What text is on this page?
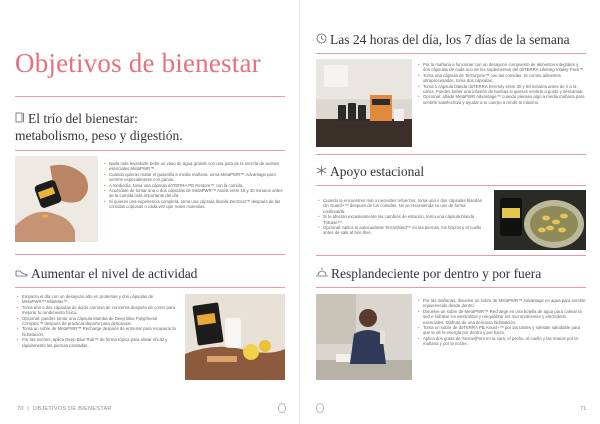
Objetivos de bienestar
El trío del bienestar:
metabolismo, peso y digestión.
• Nada más levantarte bebe un vaso de agua grande con una gota de la mezcla de aceites esenciales MetaPWR™.
• Cuando quieras matar el gusanillo a media mañana, toma MetaPWR™ Advantage para sentirte especialmente con ganas.
• A mediodía, toma una cápsula dōTERRA PB Restore™ con la comida.
• Acuérdate de tomar una o dos cápsulas de MetaPWR™ Assist entre 15 y 30 minutos antes de la comida más importante del día.
• Si quieres una experiencia completa, toma una cápsula lleanla ZenGest™ después de las comidas copiosas o cada vez que notes molestias.
Aumentar el nivel de actividad
• Empieza el día con un desayuno alto en proteínas y dos cápsulas de MetaPWR™ MitoMax™.
• Toma una o dos cápsulas de ácido carnosa de cuncerna después de correr para mejorar tu rendimiento físico.
• Opcional: puedes tomar una cápsula Mamba de Deep Blue Polyphenol Complex™ después de practicar deporte para descansar.
• Toma un sobre de MetaPWR™ Recharge después de entrenar para recuperar la hidratación.
• Por las noches, aplica Deep Blue Rub™ de forma tópica para aliviar eficaz y rápidamente las piernas cansadas.
70 | OBJETIVOS DE BIENESTAR
Las 24 horas del día, los 7 días de la semana
• Por la mañana a funcionar con un desayuno compuesto de alimentos integrales y dos cápsulas de cada uno de los suplementos del dōTERRA Lifelong Vitality Pack™.
• Toma una cápsula de Terrazyme™ con las comidas. Si comes alimentos ultraprocesados, toma dos cápsulas.
• Toma 1 cápsula blanda dōTERRA Serenity entre 30 y 60 minutos antes de ir a la cama. Puedes beber una infusión de hierbas si quieres sentirte a gusto y descansar.
• Opcional: añade MetaPWR Advantage™ cuando pienses algo a media mañana para sentirte satisfecho/a y ayudar a tu cuerpo a rendir al máximo.
Apoyo estacional
• Cuando te encuentres mal o necesites refuerzos, toma una o dos cápsulas blandas On Guard+™ después de tus comidas. No se recomienda su uso de forma continuada.
• Si te afectan excesivamente los cambios de estación, toma una cápsula blanda TriEase™.
• Opcional: aplica el autocuidante TerraShield™ en las piernas, los brazos y el cuello antes de salir al aire libre.
Resplandeciente por dentro y por fuera
• Por las mañanas, disuelve un sobre de MetaPWR™ Advantage en agua para sentirte rejuvenecido desde dentro.
• Disuelve un sobre de MetaPWR™ Recharge en una botella de agua para calmar la sed e hidratar los electrolitos y reequilibrar los micronutrientes y electrolitos esenciales. Disfruta de una deliciosa hidratación.
• Toma un sobre de dōTERRA PB Assist+™ por las tardes y siéntate saludable para que te dé la energía por dentro y por fuera.
• Aplica dos gotas de Yarrow|Pom en la cara, el pecho, el cuello y las manos por la mañana y por la noche.
71
